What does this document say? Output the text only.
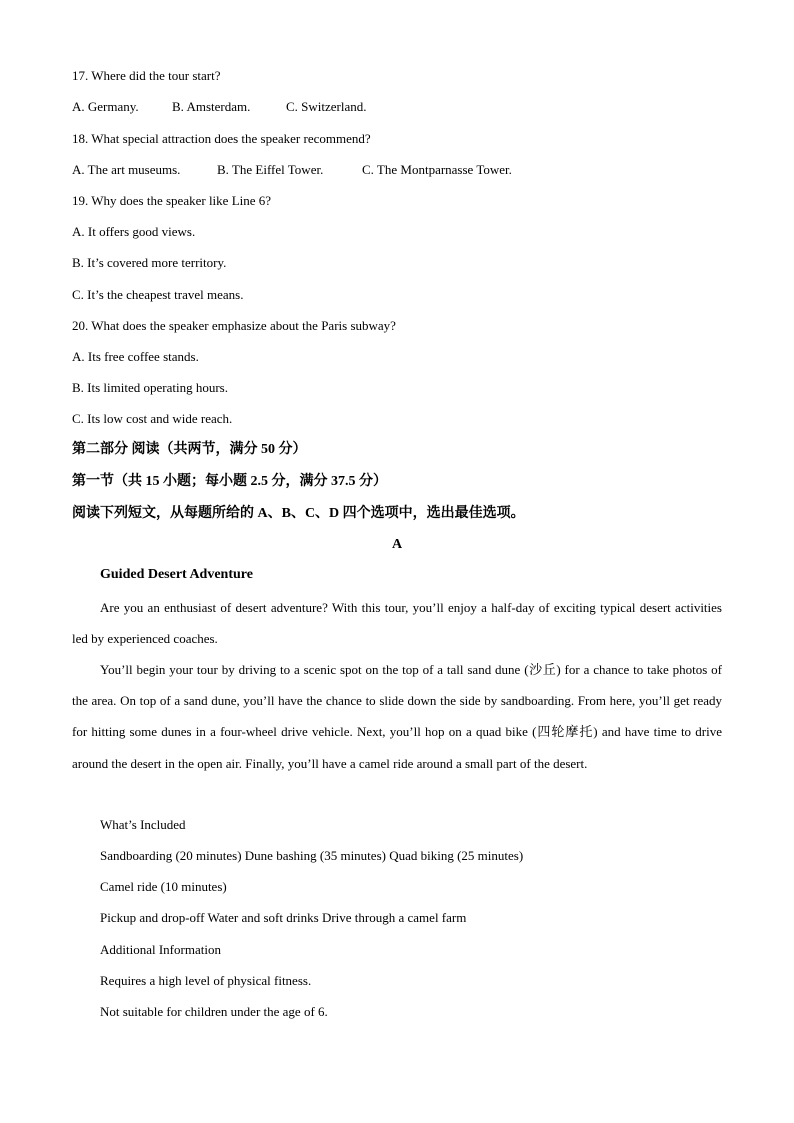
17. Where did the tour start?
A. Germany.	B. Amsterdam.	C. Switzerland.
18. What special attraction does the speaker recommend?
A. The art museums.	B. The Eiffel Tower.	C. The Montparnasse Tower.
19. Why does the speaker like Line 6?
A. It offers good views.
B. It’s covered more territory.
C. It’s the cheapest travel means.
20. What does the speaker emphasize about the Paris subway?
A. Its free coffee stands.
B. Its limited operating hours.
C. Its low cost and wide reach.
第二部分 阅读（共两节，满分 50 分）
第一节（共 15 小题；每小题 2.5 分，满分 37.5 分）
阅读下列短文，从每题所给的 A、B、C、D 四个选项中，选出最佳选项。
A
Guided Desert Adventure
Are you an enthusiast of desert adventure? With this tour, you’ll enjoy a half-day of exciting typical desert activities led by experienced coaches.
You’ll begin your tour by driving to a scenic spot on the top of a tall sand dune (沙丘) for a chance to take photos of the area. On top of a sand dune, you’ll have the chance to slide down the side by sandboarding. From here, you’ll get ready for hitting some dunes in a four-wheel drive vehicle. Next, you’ll hop on a quad bike (四轮摩托) and have time to drive around the desert in the open air. Finally, you’ll have a camel ride around a small part of the desert.
What’s Included
Sandboarding (20 minutes) Dune bashing (35 minutes) Quad biking (25 minutes)
Camel ride (10 minutes)
Pickup and drop-off Water and soft drinks Drive through a camel farm
Additional Information
Requires a high level of physical fitness.
Not suitable for children under the age of 6.
